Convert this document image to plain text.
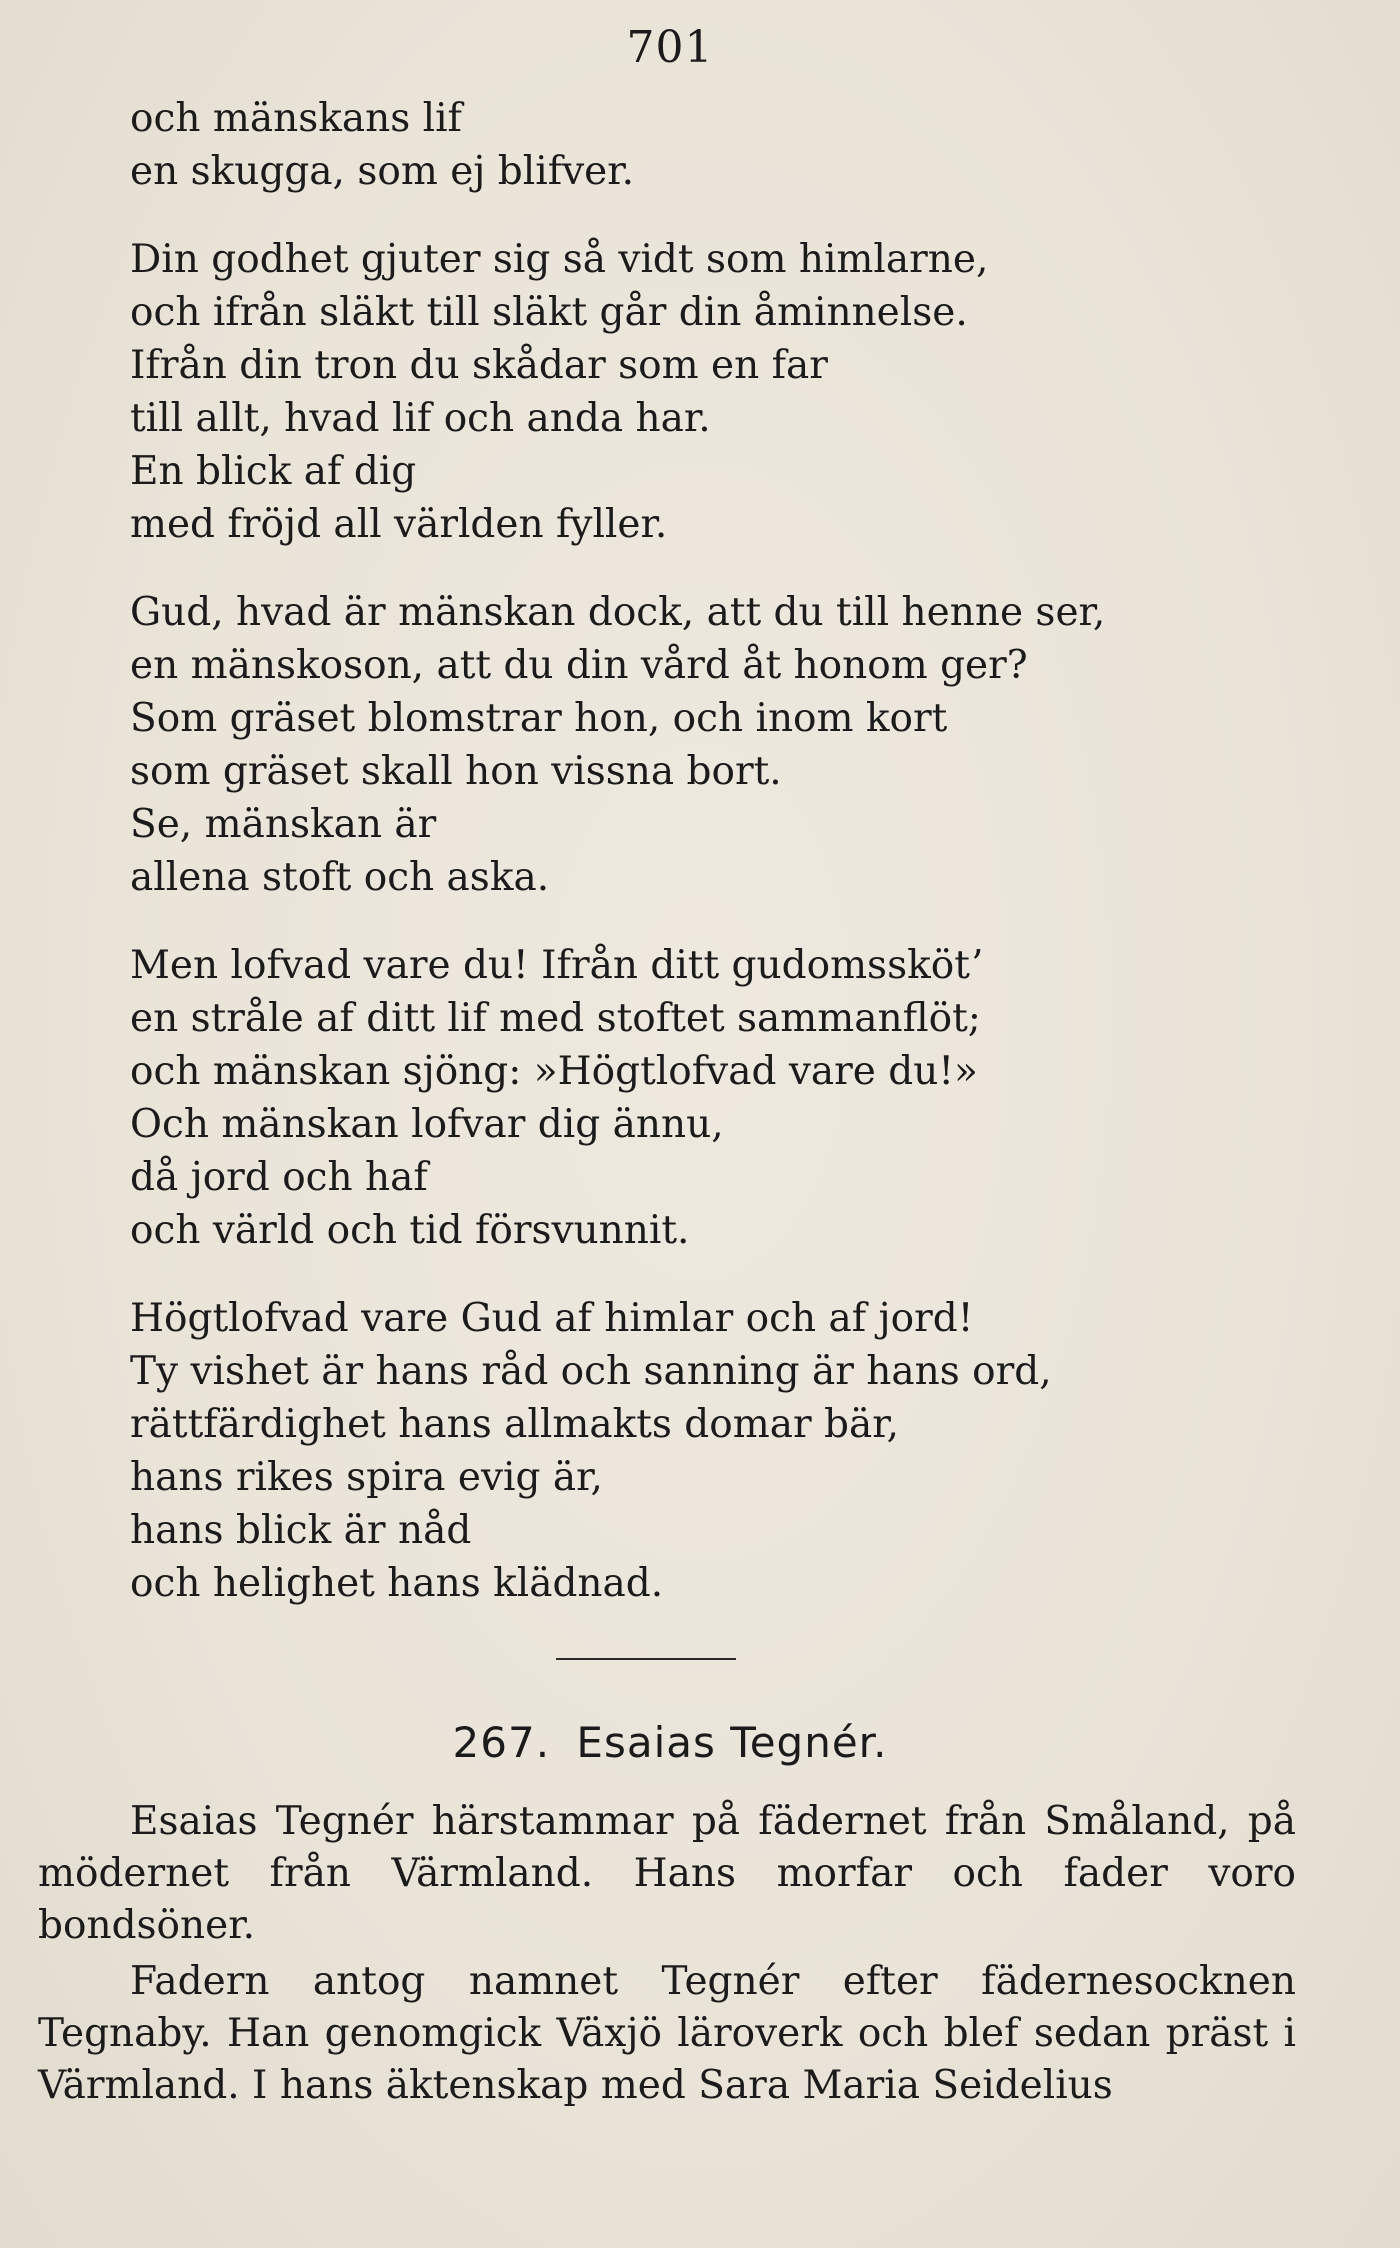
701
och mänskans lif
en skugga, som ej blifver.
Din godhet gjuter sig så vidt som himlarne,
och ifrån släkt till släkt går din åminnelse.
Ifrån din tron du skådar som en far
till allt, hvad lif och anda har.
En blick af dig
med fröjd all världen fyller.
Gud, hvad är mänskan dock, att du till henne ser,
en mänskoson, att du din vård åt honom ger?
Som gräset blomstrar hon, och inom kort
som gräset skall hon vissna bort.
Se, mänskan är
allena stoft och aska.
Men lofvad vare du! Ifrån ditt gudomsskötʼ
en stråle af ditt lif med stoftet sammanflöt;
och mänskan sjöng: »Högtlofvad vare du!»
Och mänskan lofvar dig ännu,
då jord och haf
och värld och tid försvunnit.
Högtlofvad vare Gud af himlar och af jord!
Ty vishet är hans råd och sanning är hans ord,
rättfärdighet hans allmakts domar bär,
hans rikes spira evig är,
hans blick är nåd
och helighet hans klädnad.
267. Esaias Tegnér.

Esaias Tegnér härstammar på fädernet från Småland, på mödernet från Värmland. Hans morfar och fader voro bondsöner.

Fadern antog namnet Tegnér efter fädernesocknen Tegnaby. Han genomgick Växjö läroverk och blef sedan präst i Värmland. I hans äktenskap med Sara Maria Seidelius
